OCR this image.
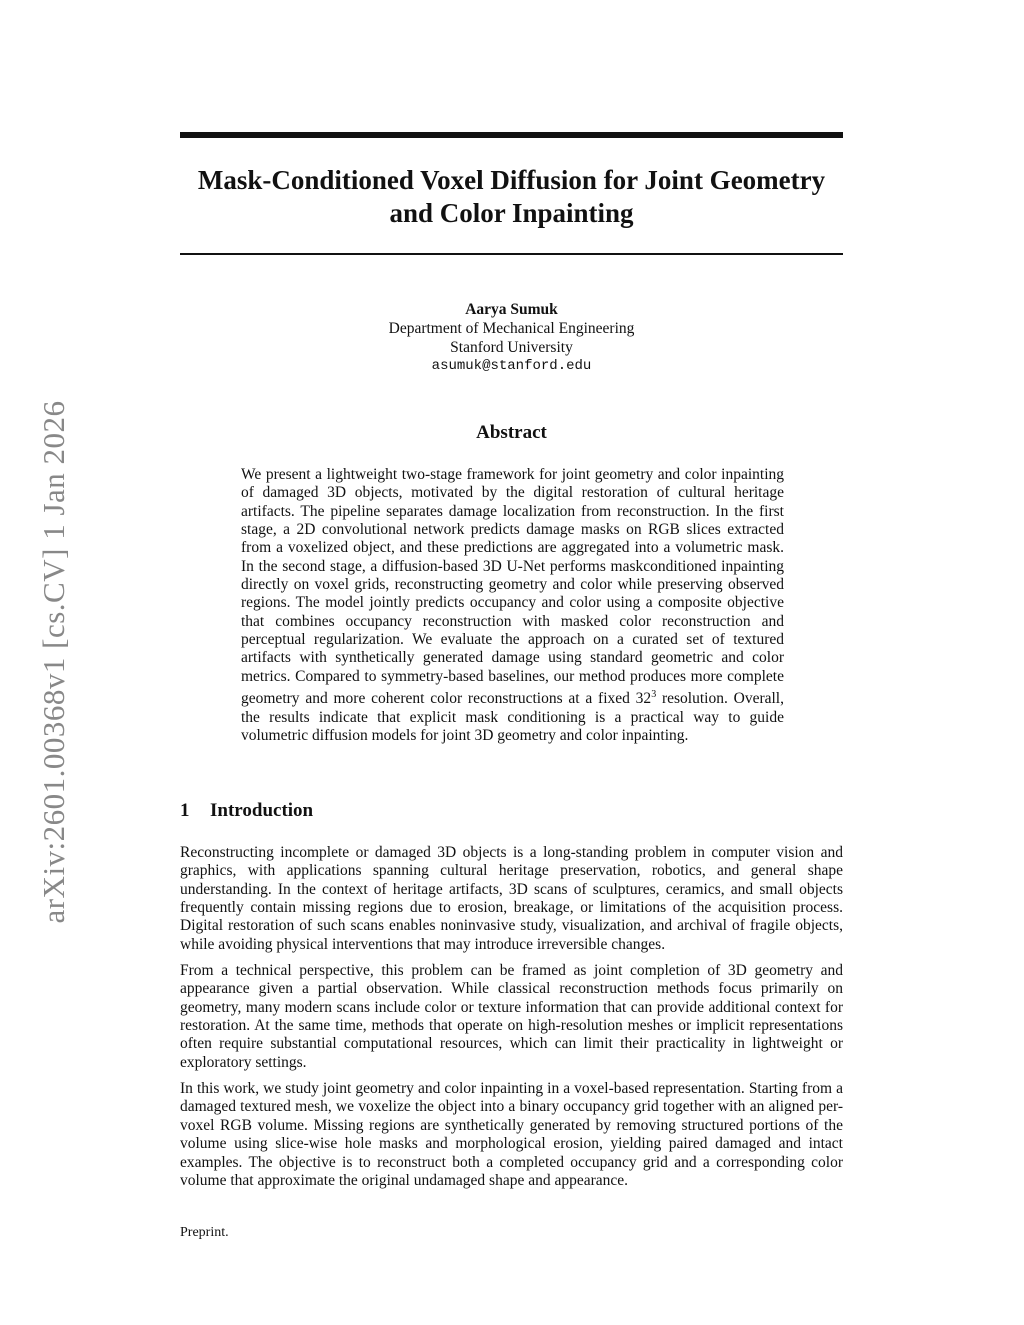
arXiv:2601.00368v1 [cs.CV] 1 Jan 2026
Mask-Conditioned Voxel Diffusion for Joint Geometry
and Color Inpainting
Aarya Sumuk
Department of Mechanical Engineering
Stanford University
asumuk@stanford.edu
Abstract

We present a lightweight two-stage framework for joint geometry and color inpainting of damaged 3D objects, motivated by the digital restoration of cultural heritage artifacts. The pipeline separates damage localization from reconstruction. In the first stage, a 2D convolutional network predicts damage masks on RGB slices extracted from a voxelized object, and these predictions are aggregated into a volumetric mask. In the second stage, a diffusion-based 3D U-Net performs maskconditioned inpainting directly on voxel grids, reconstructing geometry and color while preserving observed regions. The model jointly predicts occupancy and color using a composite objective that combines occupancy reconstruction with masked color reconstruction and perceptual regularization. We evaluate the approach on a curated set of textured artifacts with synthetically generated damage using standard geometric and color metrics. Compared to symmetry-based baselines, our method produces more complete geometry and more coherent color reconstructions at a fixed $32^3$ resolution. Overall, the results indicate that explicit mask conditioning is a practical way to guide volumetric diffusion models for joint 3D geometry and color inpainting.

1 Introduction

Reconstructing incomplete or damaged 3D objects is a long-standing problem in computer vision and graphics, with applications spanning cultural heritage preservation, robotics, and general shape understanding. In the context of heritage artifacts, 3D scans of sculptures, ceramics, and small objects frequently contain missing regions due to erosion, breakage, or limitations of the acquisition process. Digital restoration of such scans enables noninvasive study, visualization, and archival of fragile objects, while avoiding physical interventions that may introduce irreversible changes.

From a technical perspective, this problem can be framed as joint completion of 3D geometry and appearance given a partial observation. While classical reconstruction methods focus primarily on geometry, many modern scans include color or texture information that can provide additional context for restoration. At the same time, methods that operate on high-resolution meshes or implicit representations often require substantial computational resources, which can limit their practicality in lightweight or exploratory settings.

In this work, we study joint geometry and color inpainting in a voxel-based representation. Starting from a damaged textured mesh, we voxelize the object into a binary occupancy grid together with an aligned per-voxel RGB volume. Missing regions are synthetically generated by removing structured portions of the volume using slice-wise hole masks and morphological erosion, yielding paired damaged and intact examples. The objective is to reconstruct both a completed occupancy grid and a corresponding color volume that approximate the original undamaged shape and appearance.

Preprint.
